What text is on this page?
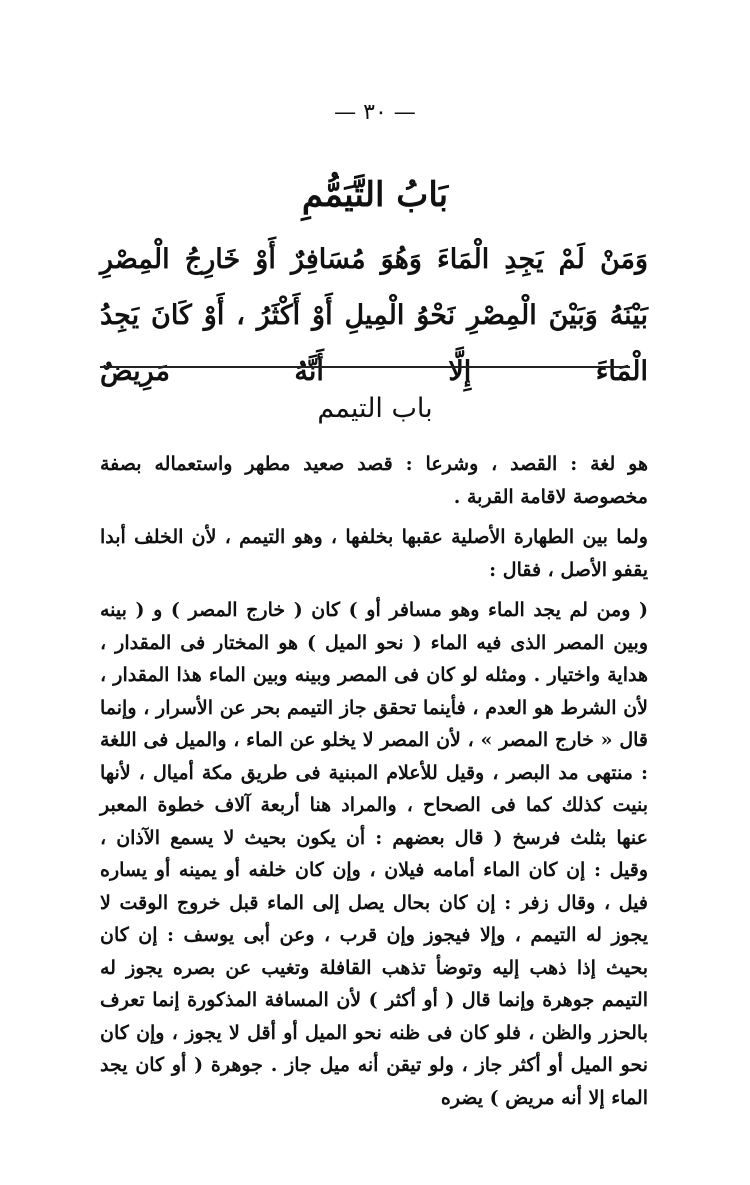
— ٣٠ —
بَابُ التَّيَمُّمِ
وَمَنْ لَمْ يَجِدِ الْمَاءَ وَهُوَ مُسَافِرٌ أَوْ خَارِجُ الْمِصْرِ بَيْنَهُ وَبَيْنَ الْمِصْرِ نَحْوُ الْمِيلِ أَوْ أَكْثَرُ ، أَوْ كَانَ يَجِدُ الْمَاءَ إِلَّا أَنَّهُ مَرِيضٌ
باب التيمم

هو لغة : القصد ، وشرعا : قصد صعيد مطهر واستعماله بصفة مخصوصة لاقامة القربة .

ولما بين الطهارة الأصلية عقبها بخلفها ، وهو التيمم ، لأن الخلف أبدا يقفو الأصل ، فقال :

( ومن لم يجد الماء وهو مسافر أو ) كان ( خارج المصر ) و ( بينه وبين المصر الذى فيه الماء ( نحو الميل ) هو المختار فى المقدار ، هداية واختيار . ومثله لو كان فى المصر وبينه وبين الماء هذا المقدار ، لأن الشرط هو العدم ، فأينما تحقق جاز التيمم بحر عن الأسرار ، وإنما قال « خارج المصر » ، لأن المصر لا يخلو عن الماء ، والميل فى اللغة : منتهى مد البصر ، وقيل للأعلام المبنية فى طريق مكة أميال ، لأنها بنيت كذلك كما فى الصحاح ، والمراد هنا أربعة آلاف خطوة المعبر عنها بثلث فرسخ ( قال بعضهم : أن يكون بحيث لا يسمع الآذان ، وقيل : إن كان الماء أمامه فيلان ، وإن كان خلفه أو يمينه أو يساره فيل ، وقال زفر : إن كان بحال يصل إلى الماء قبل خروج الوقت لا يجوز له التيمم ، وإلا فيجوز وإن قرب ، وعن أبى يوسف : إن كان بحيث إذا ذهب إليه وتوضأ تذهب القافلة وتغيب عن بصره يجوز له التيمم جوهرة وإنما قال ( أو أكثر ) لأن المسافة المذكورة إنما تعرف بالحزر والظن ، فلو كان فى ظنه نحو الميل أو أقل لا يجوز ، وإن كان نحو الميل أو أكثر جاز ، ولو تيقن أنه ميل جاز . جوهرة ( أو كان يجد الماء إلا أنه مريض ) يضره
